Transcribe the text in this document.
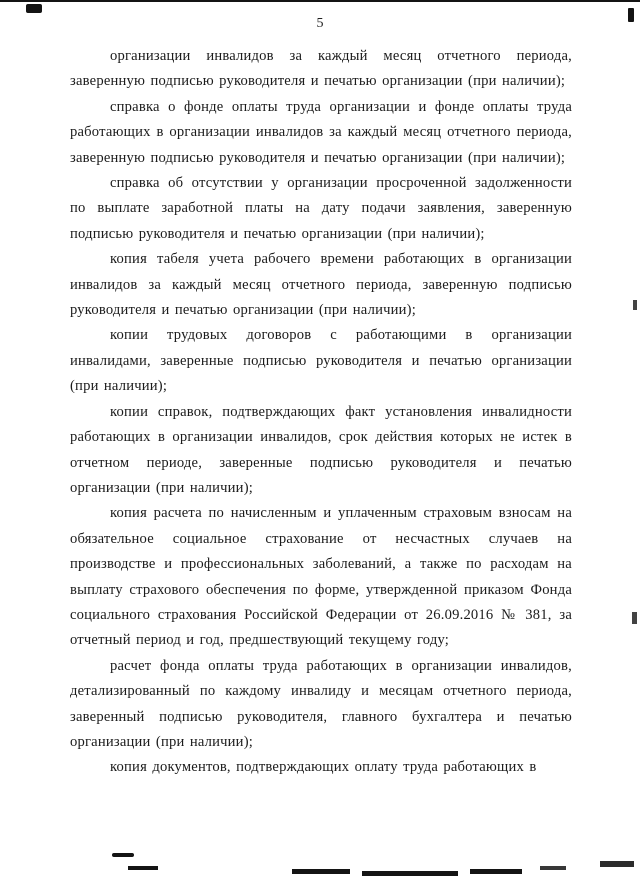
5

организации инвалидов за каждый месяц отчетного периода, заверенную подписью руководителя и печатью организации (при наличии);

справка о фонде оплаты труда организации и фонде оплаты труда работающих в организации инвалидов за каждый месяц отчетного периода, заверенную подписью руководителя и печатью организации (при наличии);

справка об отсутствии у организации просроченной задолженности по выплате заработной платы на дату подачи заявления, заверенную подписью руководителя и печатью организации (при наличии);

копия табеля учета рабочего времени работающих в организации инвалидов за каждый месяц отчетного периода, заверенную подписью руководителя и печатью организации (при наличии);

копии трудовых договоров с работающими в организации инвалидами, заверенные подписью руководителя и печатью организации (при наличии);

копии справок, подтверждающих факт установления инвалидности работающих в организации инвалидов, срок действия которых не истек в отчетном периоде, заверенные подписью руководителя и печатью организации (при наличии);

копия расчета по начисленным и уплаченным страховым взносам на обязательное социальное страхование от несчастных случаев на производстве и профессиональных заболеваний, а также по расходам на выплату страхового обеспечения по форме, утвержденной приказом Фонда социального страхования Российской Федерации от 26.09.2016 № 381, за отчетный период и год, предшествующий текущему году;

расчет фонда оплаты труда работающих в организации инвалидов, детализированный по каждому инвалиду и месяцам отчетного периода, заверенный подписью руководителя, главного бухгалтера и печатью организации (при наличии);

копия документов, подтверждающих оплату труда работающих в
